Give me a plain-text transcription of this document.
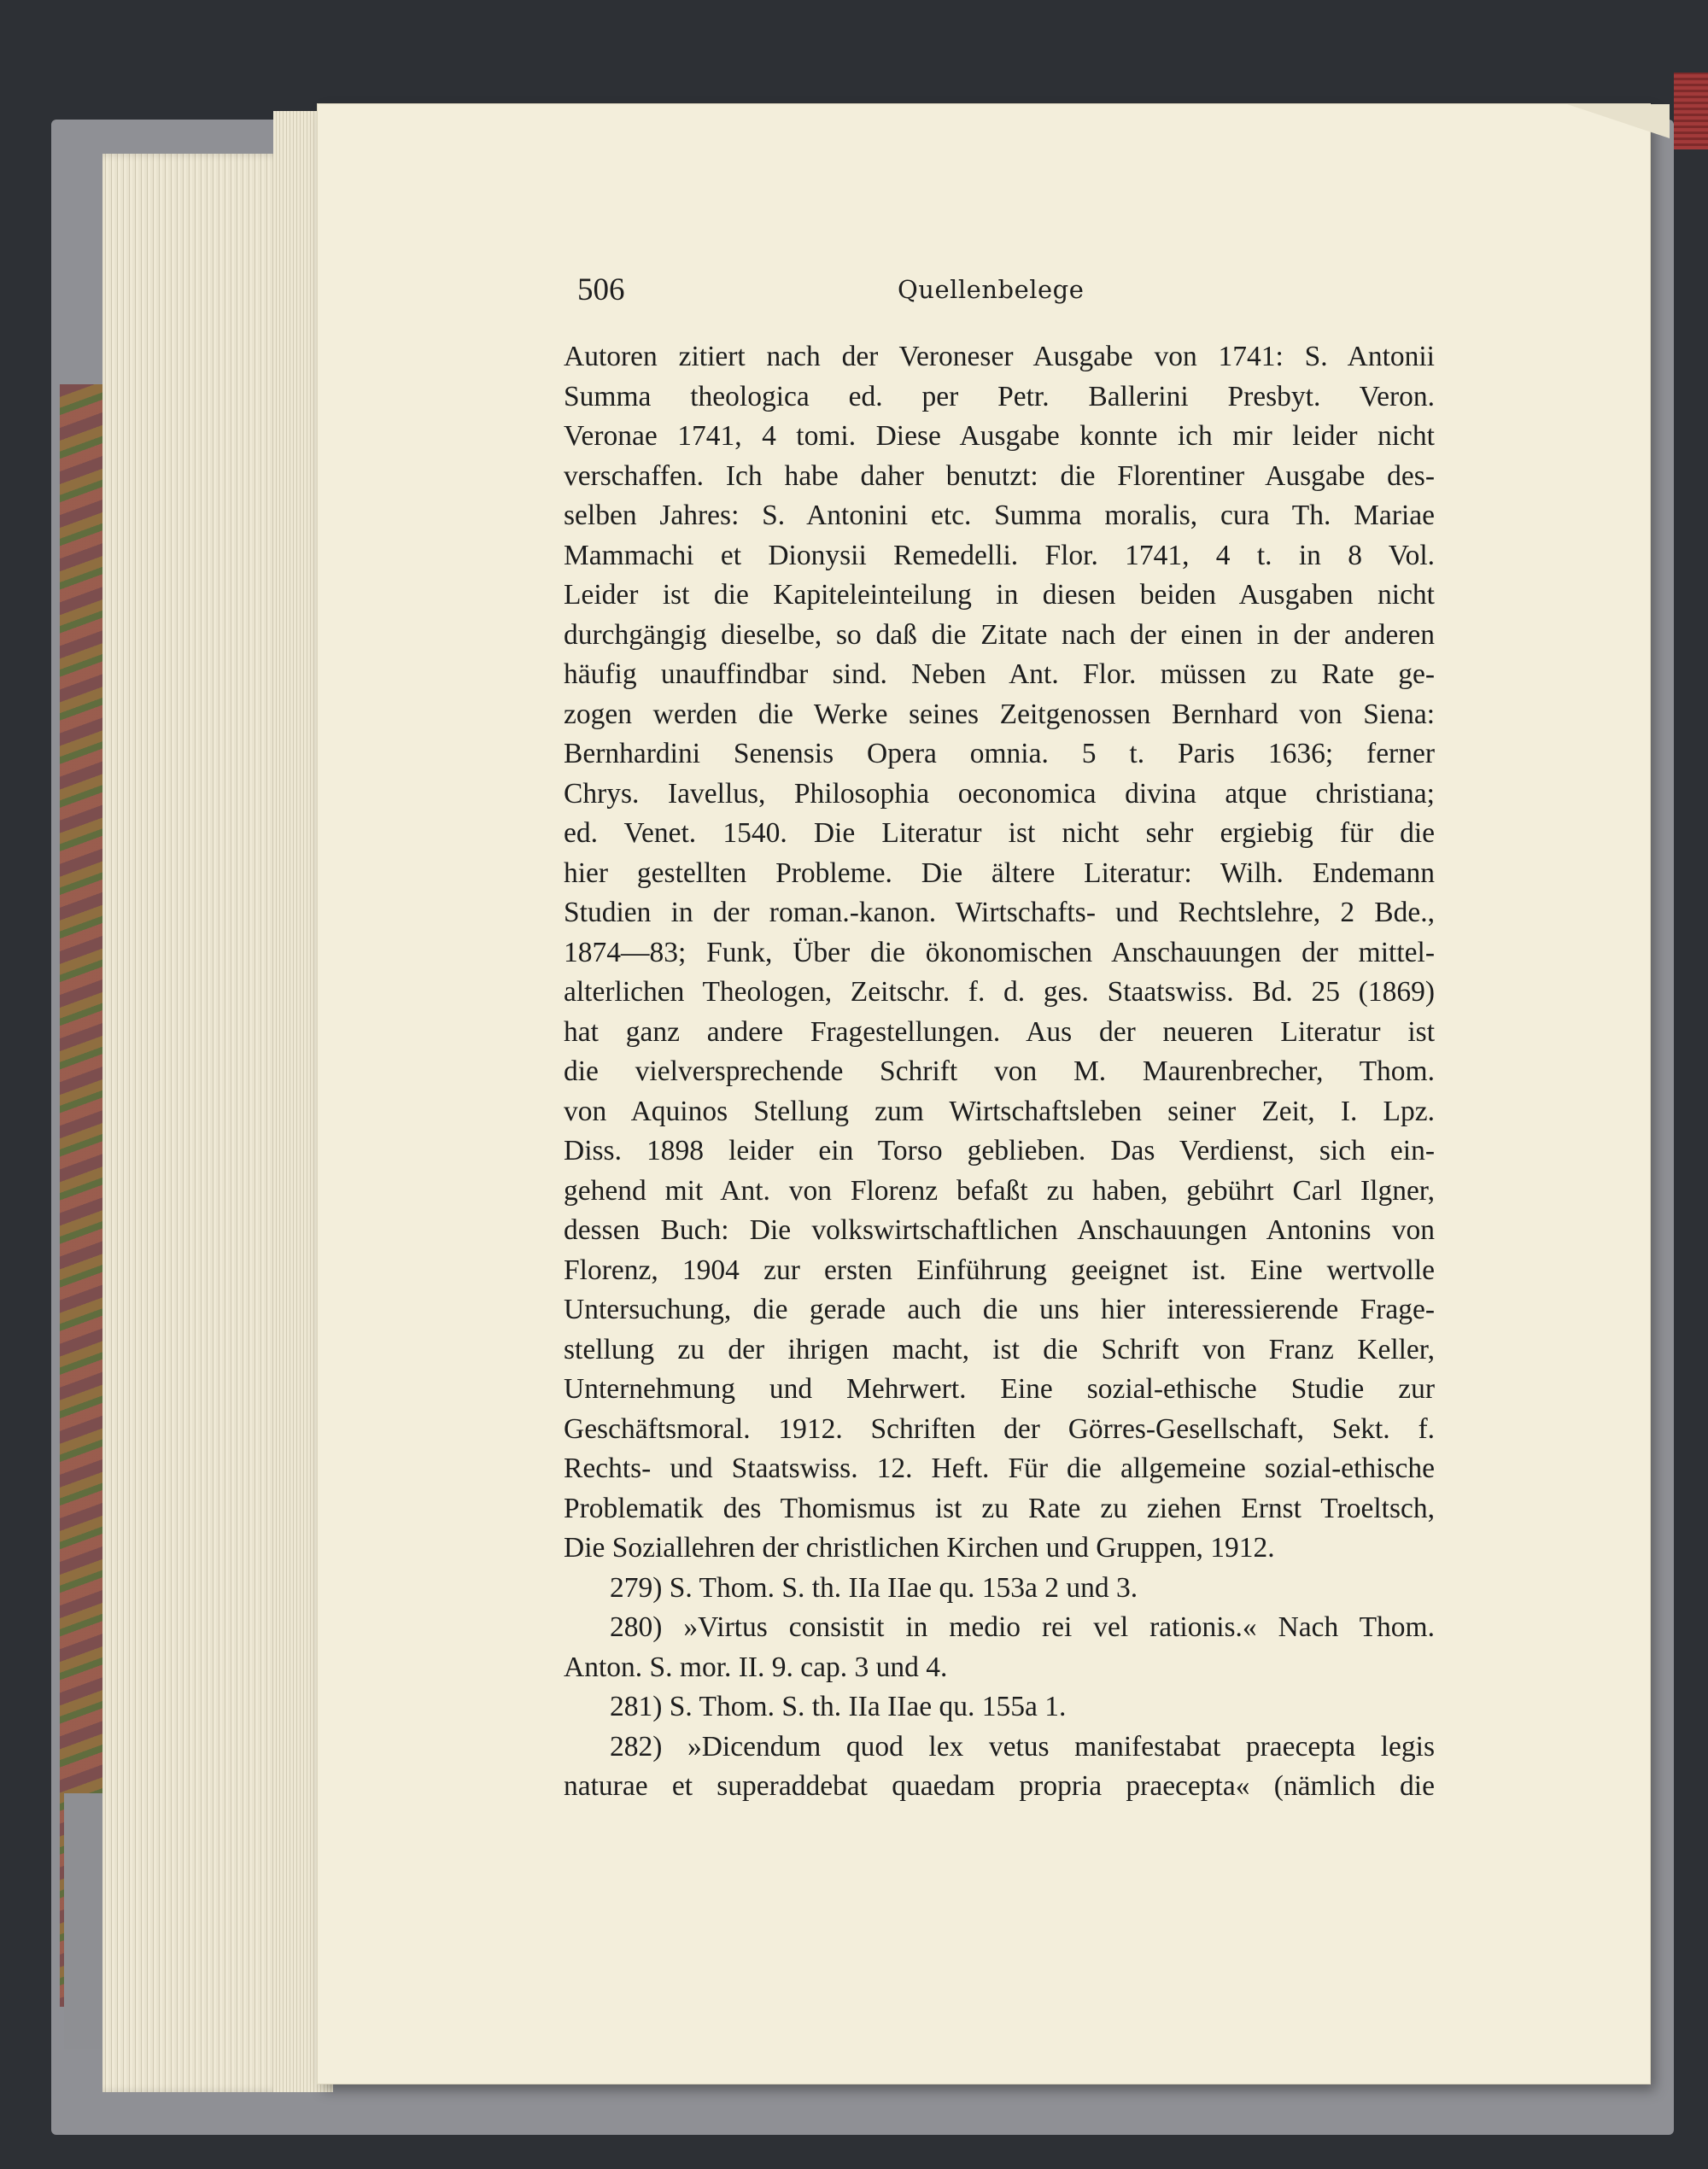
506	Quellenbelege
Autoren zitiert nach der Veroneser Ausgabe von 1741: S. Antonii
Summa theologica ed. per Petr. Ballerini Presbyt. Veron.
Veronae 1741, 4 tomi. Diese Ausgabe konnte ich mir leider nicht
verschaffen. Ich habe daher benutzt: die Florentiner Ausgabe des-
selben Jahres: S. Antonini etc. Summa moralis, cura Th. Mariae
Mammachi et Dionysii Remedelli. Flor. 1741, 4 t. in 8 Vol.
Leider ist die Kapiteleinteilung in diesen beiden Ausgaben nicht
durchgängig dieselbe, so daß die Zitate nach der einen in der anderen
häufig unauffindbar sind. Neben Ant. Flor. müssen zu Rate ge-
zogen werden die Werke seines Zeitgenossen Bernhard von Siena:
Bernhardini Senensis Opera omnia. 5 t. Paris 1636; ferner
Chrys. Iavellus, Philosophia oeconomica divina atque christiana;
ed. Venet. 1540. Die Literatur ist nicht sehr ergiebig für die
hier gestellten Probleme. Die ältere Literatur: Wilh. Endemann
Studien in der roman.-kanon. Wirtschafts- und Rechtslehre, 2 Bde.,
1874—83; Funk, Über die ökonomischen Anschauungen der mittel-
alterlichen Theologen, Zeitschr. f. d. ges. Staatswiss. Bd. 25 (1869)
hat ganz andere Fragestellungen. Aus der neueren Literatur ist
die vielversprechende Schrift von M. Maurenbrecher, Thom.
von Aquinos Stellung zum Wirtschaftsleben seiner Zeit, I. Lpz.
Diss. 1898 leider ein Torso geblieben. Das Verdienst, sich ein-
gehend mit Ant. von Florenz befaßt zu haben, gebührt Carl Ilgner,
dessen Buch: Die volkswirtschaftlichen Anschauungen Antonins von
Florenz, 1904 zur ersten Einführung geeignet ist. Eine wertvolle
Untersuchung, die gerade auch die uns hier interessierende Frage-
stellung zu der ihrigen macht, ist die Schrift von Franz Keller,
Unternehmung und Mehrwert. Eine sozial-ethische Studie zur
Geschäftsmoral. 1912. Schriften der Görres-Gesellschaft, Sekt. f.
Rechts- und Staatswiss. 12. Heft. Für die allgemeine sozial-ethische
Problematik des Thomismus ist zu Rate zu ziehen Ernst Troeltsch,
Die Soziallehren der christlichen Kirchen und Gruppen, 1912.
279) S. Thom. S. th. IIa IIae qu. 153a 2 und 3.
280) »Virtus consistit in medio rei vel rationis.« Nach Thom.
Anton. S. mor. II. 9. cap. 3 und 4.
281) S. Thom. S. th. IIa IIae qu. 155a 1.
282) »Dicendum quod lex vetus manifestabat praecepta legis
naturae et superaddebat quaedam propria praecepta« (nämlich die
